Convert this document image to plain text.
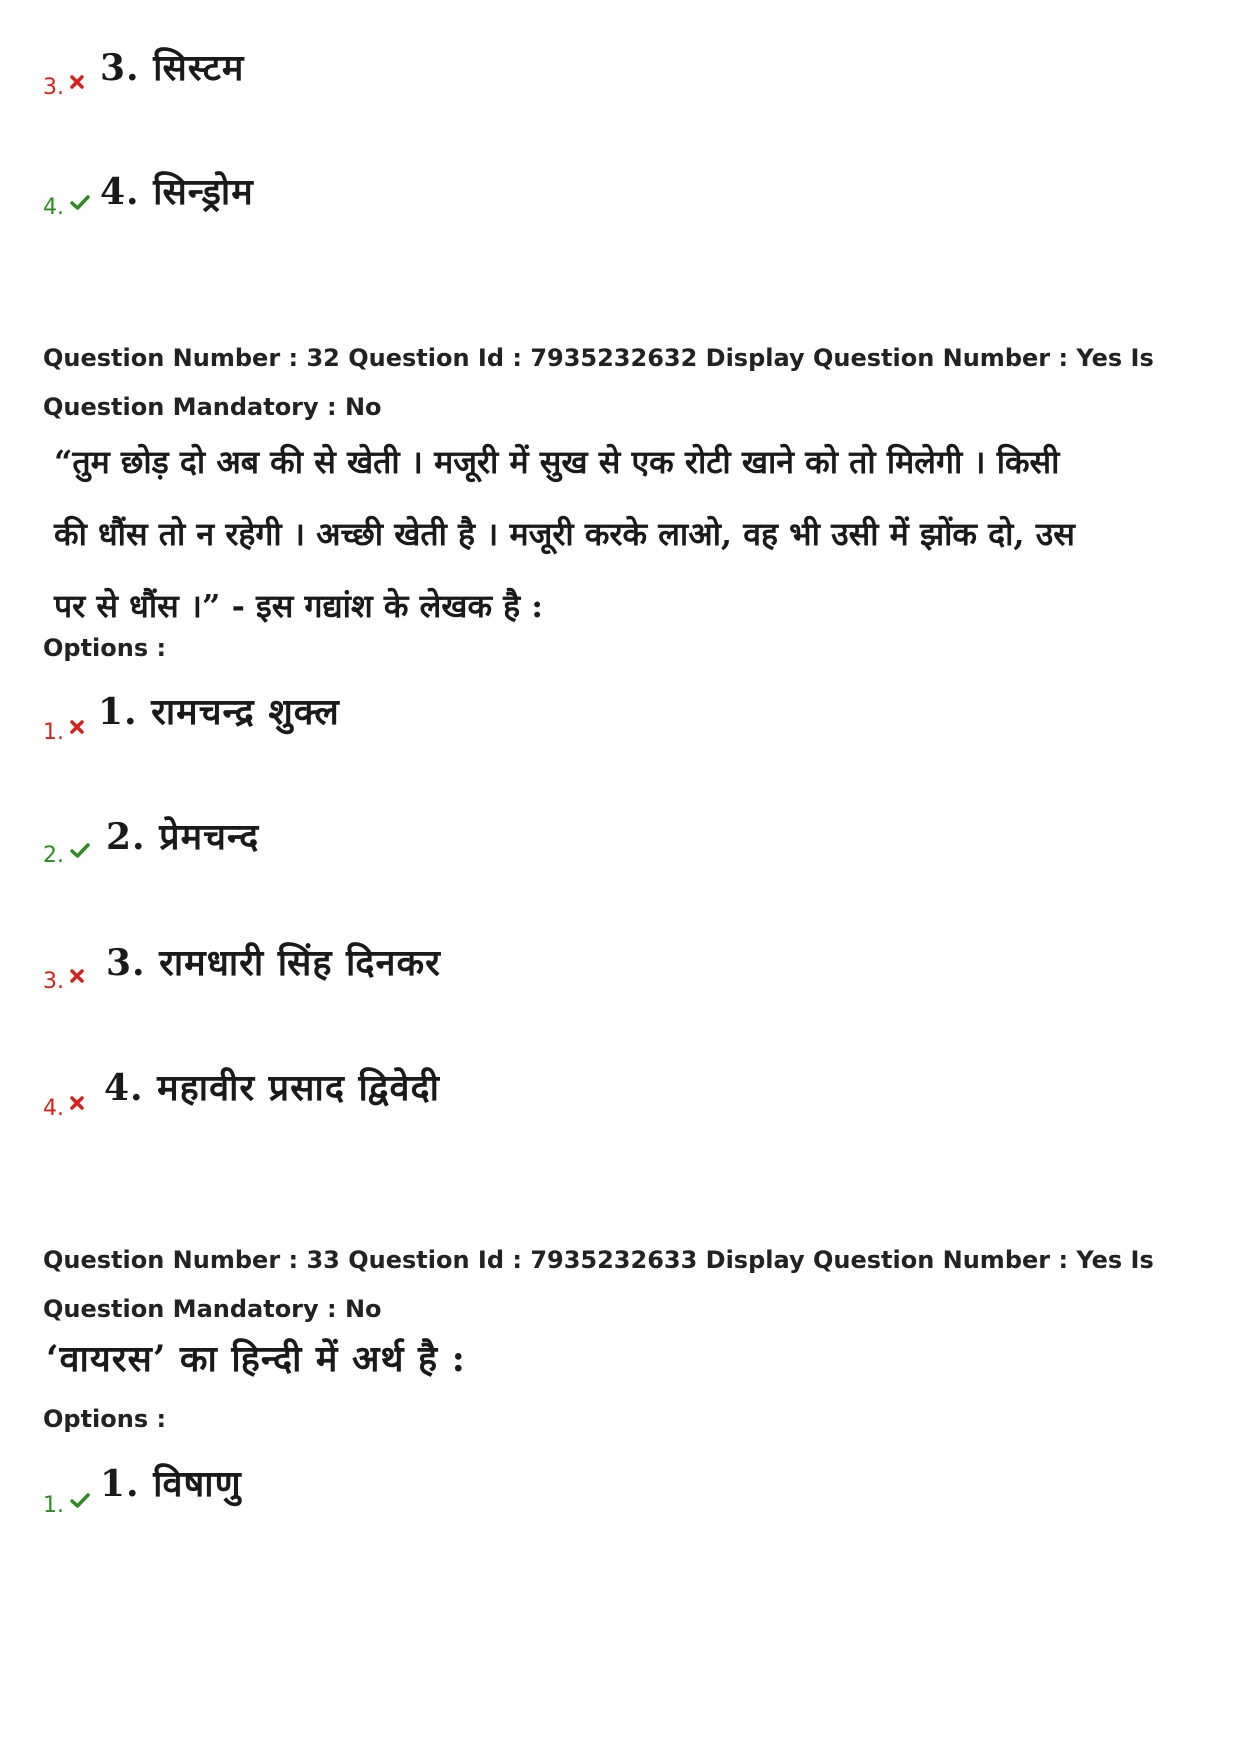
3.	3. सिस्टम
4.	4. सिन्ड्रोम
Question Number : 32 Question Id : 7935232632 Display Question Number : Yes Is Question Mandatory : No
“तुम छोड़ दो अब की से खेती । मजूरी में सुख से एक रोटी खाने को तो मिलेगी । किसी
की धौंस तो न रहेगी । अच्छी खेती है । मजूरी करके लाओ, वह भी उसी में झोंक दो, उस
पर से धौंस ।” - इस गद्यांश के लेखक है :
Options :
1. 1. रामचन्द्र शुक्ल
2.	2. प्रेमचन्द
3.	3. रामधारी सिंह दिनकर
4.	4. महावीर प्रसाद द्विवेदी
Question Number : 33 Question Id : 7935232633 Display Question Number : Yes Is Question Mandatory : No
‘वायरस’ का हिन्दी में अर्थ है :
Options :
1.
1. विषाणु
